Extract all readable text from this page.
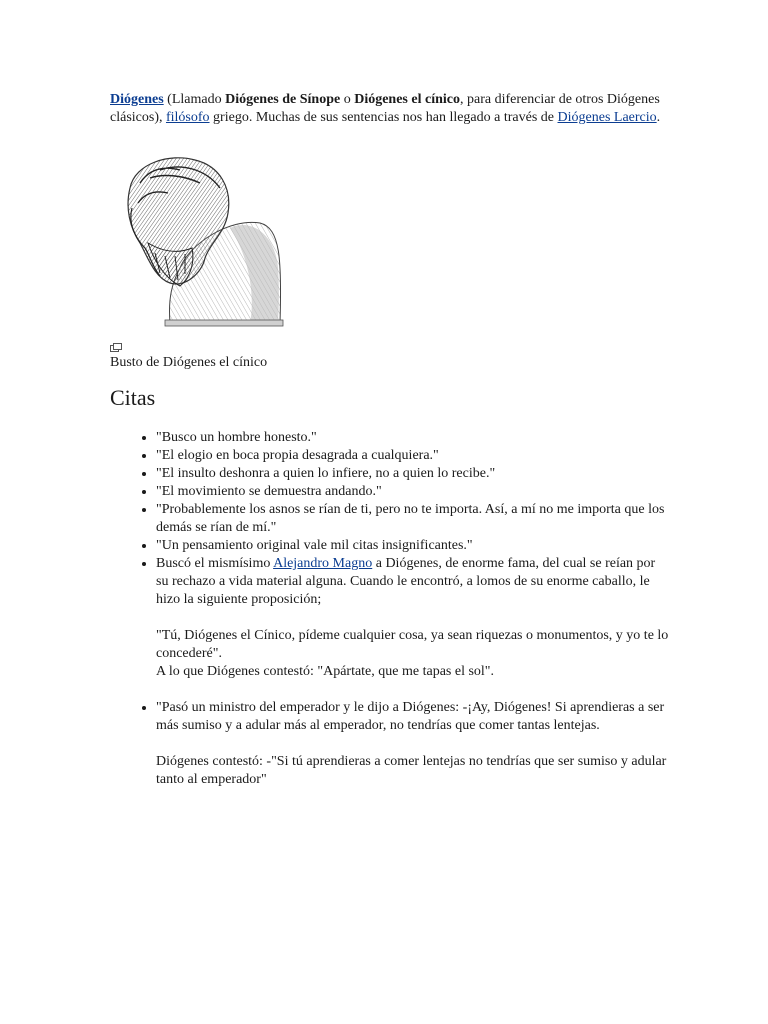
Diógenes (Llamado Diógenes de Sínope o Diógenes el cínico, para diferenciar de otros Diógenes clásicos), filósofo griego. Muchas de sus sentencias nos han llegado a través de Diógenes Laercio.

Busto de Diógenes el cínico

Citas
• "Busco un hombre honesto."
• "El elogio en boca propia desagrada a cualquiera."
• "El insulto deshonra a quien lo infiere, no a quien lo recibe."
• "El movimiento se demuestra andando."
• "Probablemente los asnos se rían de ti, pero no te importa. Así, a mí no me importa que los demás se rían de mí."
• "Un pensamiento original vale mil citas insignificantes."
• Buscó el mismísimo Alejandro Magno a Diógenes, de enorme fama, del cual se reían por su rechazo a vida material alguna. Cuando le encontró, a lomos de su enorme caballo, le hizo la siguiente proposición;
"Tú, Diógenes el Cínico, pídeme cualquier cosa, ya sean riquezas o monumentos, y yo te lo concederé".
A lo que Diógenes contestó: "Apártate, que me tapas el sol".
• "Pasó un ministro del emperador y le dijo a Diógenes: -¡Ay, Diógenes! Si aprendieras a ser más sumiso y a adular más al emperador, no tendrías que comer tantas lentejas.
Diógenes contestó: -"Si tú aprendieras a comer lentejas no tendrías que ser sumiso y adular tanto al emperador"
